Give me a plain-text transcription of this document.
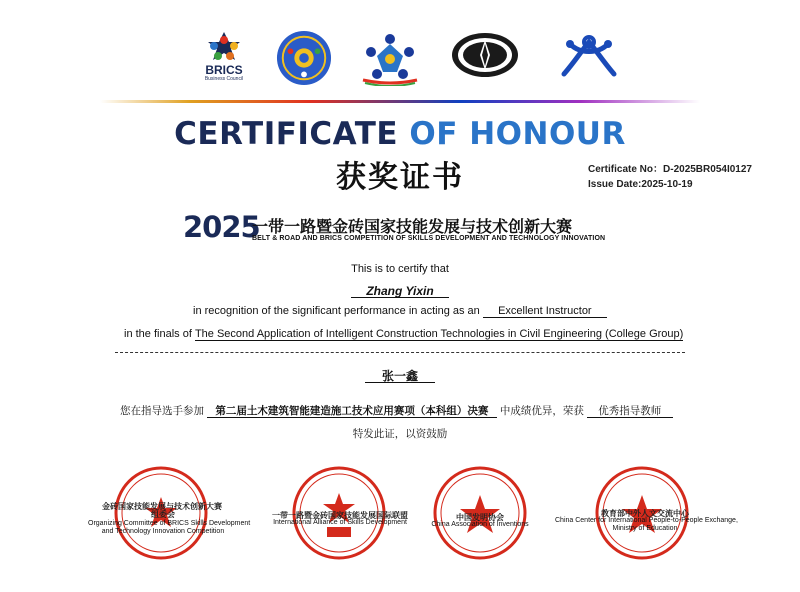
BRICS
Business Council
CERTIFICATE OF HONOUR
获奖证书	Certificate No：D-2025BR054I0127
Issue Date:2025-10-19
2025
一带一路暨金砖国家技能发展与技术创新大赛
BELT & ROAD AND BRICS COMPETITION OF SKILLS DEVELOPMENT AND TECHNOLOGY INNOVATION
This is to certify that
Zhang Yixin
in recognition of the significant performance in acting as an Excellent Instructor
in the finals of The Second Application of Intelligent Construction Technologies in Civil Engineering (College Group)
张一鑫
您在指导选手参加 第二届土木建筑智能建造施工技术应用赛项（本科组）决赛 中成绩优异，荣获 优秀指导教师
特发此证，以资鼓励
金砖国家技能发展与技术创新大赛
Organizing Committee of BRICS Skills Development
and Technology Innovation Competition
组委会	一带一路暨金砖国家技能发展国际联盟
International Alliance of Skills Development
中国发明协会
China Association of Inventions
教育部中外人文交流中心
China Center for International People-to-People Exchange,
Ministry of Education
